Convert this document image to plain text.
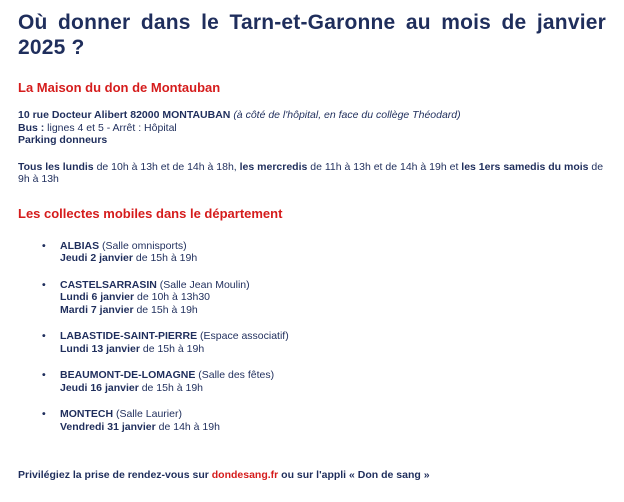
Où donner dans le Tarn-et-Garonne au mois de janvier 2025 ?

La Maison du don de Montauban

10 rue Docteur Alibert 82000 MONTAUBAN (à côté de l'hôpital, en face du collège Théodard)

Bus : lignes 4 et 5 - Arrêt : Hôpital

Parking donneurs

Tous les lundis de 10h à 13h et de 14h à 18h, les mercredis de 11h à 13h et de 14h à 19h et les 1ers samedis du mois de 9h à 13h

Les collectes mobiles dans le département

• ALBIAS (Salle omnisports)
Jeudi 2 janvier de 15h à 19h
• CASTELSARRASIN (Salle Jean Moulin)
Lundi 6 janvier de 10h à 13h30
Mardi 7 janvier de 15h à 19h
• LABASTIDE-SAINT-PIERRE (Espace associatif)
Lundi 13 janvier de 15h à 19h
• BEAUMONT-DE-LOMAGNE (Salle des fêtes)
Jeudi 16 janvier de 15h à 19h
• MONTECH (Salle Laurier)
Vendredi 31 janvier de 14h à 19h

Privilégiez la prise de rendez-vous sur dondesang.fr ou sur l'appli « Don de sang »
